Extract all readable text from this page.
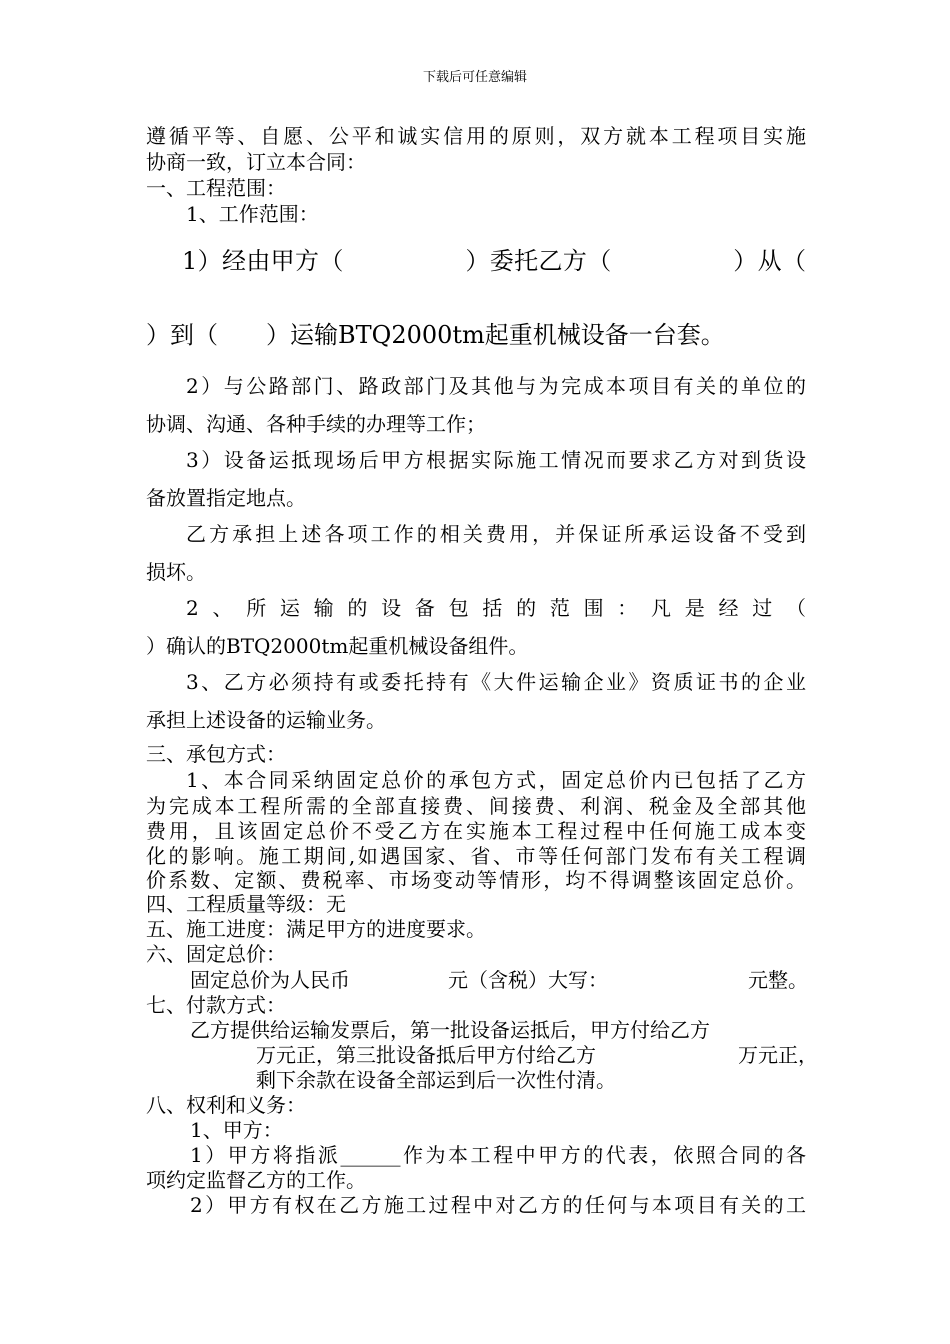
下载后可任意编辑
遵循平等、自愿、公平和诚实信用的原则，双方就本工程项目实施
协商一致，订立本合同：
一、工程范围：
1、工作范围：
1）经由甲方（　　　　　）委托乙方（　　　　　）从（
）到（　　）运输BTQ2000tm起重机械设备一台套。
2）与公路部门、路政部门及其他与为完成本项目有关的单位的
协调、沟通、各种手续的办理等工作；
3）设备运抵现场后甲方根据实际施工情况而要求乙方对到货设
备放置指定地点。
乙方承担上述各项工作的相关费用，并保证所承运设备不受到
损坏。
2、所运输的设备包括的范围：凡是经过（
）确认的BTQ2000tm起重机械设备组件。
3、乙方必须持有或委托持有《大件运输企业》资质证书的企业
承担上述设备的运输业务。
三、承包方式：
1、本合同采纳固定总价的承包方式，固定总价内已包括了乙方
为完成本工程所需的全部直接费、间接费、利润、税金及全部其他
费用，且该固定总价不受乙方在实施本工程过程中任何施工成本变
化的影响。施工期间,如遇国家、省、市等任何部门发布有关工程调
价系数、定额、费税率、市场变动等情形，均不得调整该固定总价。
四、工程质量等级：无
五、施工进度：满足甲方的进度要求。
六、固定总价：
固定总价为人民币	元（含税）大写：	元整。
七、付款方式：
乙方提供给运输发票后，第一批设备运抵后，甲方付给乙方
万元正，第三批设备抵后甲方付给乙方	万元正，
剩下余款在设备全部运到后一次性付清。
八、权利和义务：
1、甲方：
1）甲方将指派______作为本工程中甲方的代表，依照合同的各
项约定监督乙方的工作。
2）甲方有权在乙方施工过程中对乙方的任何与本项目有关的工
